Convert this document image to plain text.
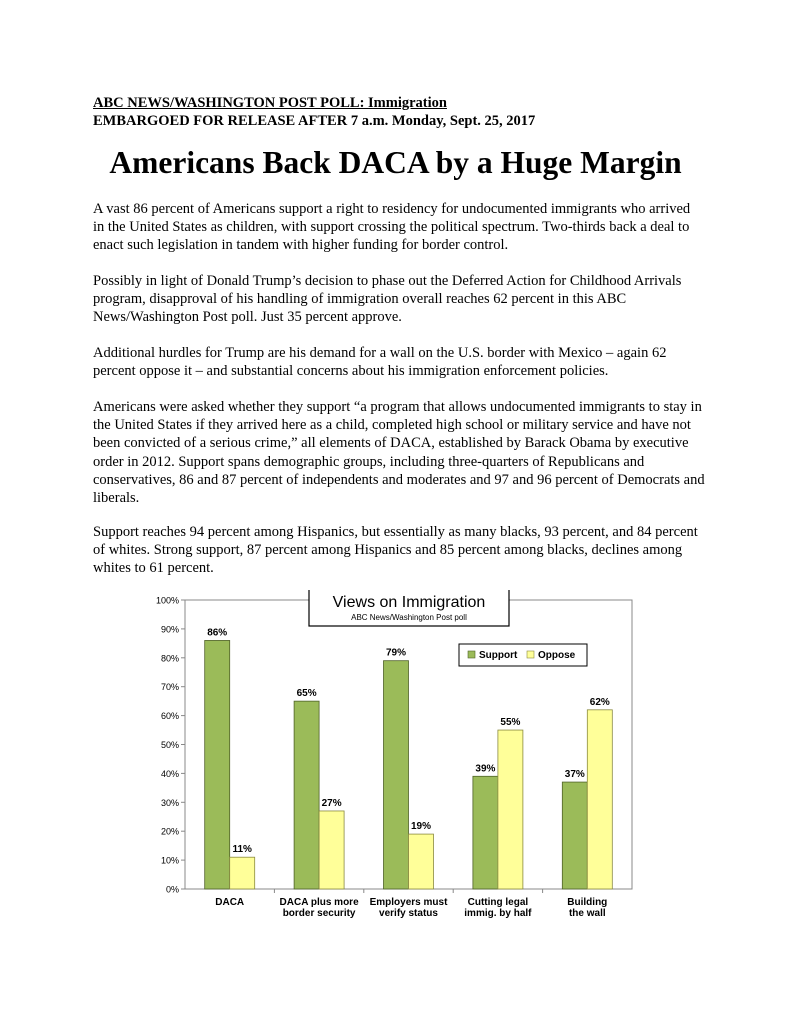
ABC NEWS/WASHINGTON POST POLL: Immigration
EMBARGOED FOR RELEASE AFTER 7 a.m. Monday, Sept. 25, 2017
Americans Back DACA by a Huge Margin

A vast 86 percent of Americans support a right to residency for undocumented immigrants who arrived in the United States as children, with support crossing the political spectrum. Two-thirds back a deal to enact such legislation in tandem with higher funding for border control.

Possibly in light of Donald Trump’s decision to phase out the Deferred Action for Childhood Arrivals program, disapproval of his handling of immigration overall reaches 62 percent in this ABC News/Washington Post poll. Just 35 percent approve.

Additional hurdles for Trump are his demand for a wall on the U.S. border with Mexico – again 62 percent oppose it – and substantial concerns about his immigration enforcement policies.

Americans were asked whether they support “a program that allows undocumented immigrants to stay in the United States if they arrived here as a child, completed high school or military service and have not been convicted of a serious crime,” all elements of DACA, established by Barack Obama by executive order in 2012. Support spans demographic groups, including three-quarters of Republicans and conservatives, 86 and 87 percent of independents and moderates and 97 and 96 percent of Democrats and liberals.

Support reaches 94 percent among Hispanics, but essentially as many blacks, 93 percent, and 84 percent of whites. Strong support, 87 percent among Hispanics and 85 percent among blacks, declines among whites to 61 percent.

0%
10%
20%
30%
40%
50%
60%
70%
80%
90%
100%
86%
11%
DACA
65%
27%
DACA plus more
border security
79%
19%
Employers must
verify status
39%
55%
Cutting legal
immig. by half
37%
62%
Building
the wall
Views on Immigration
ABC News/Washington Post poll
Support Oppose
